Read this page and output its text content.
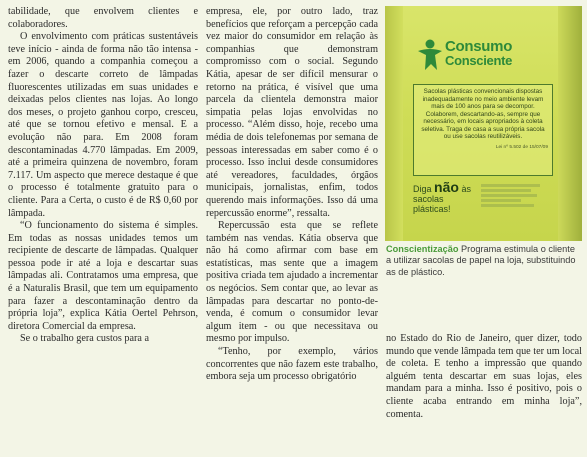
tabilidade, que envolvem clientes e colaboradores.

O envolvimento com práticas sustentáveis teve início - ainda de forma não tão intensa - em 2006, quando a companhia começou a fazer o descarte correto de lâmpadas fluorescentes utilizadas em suas unidades e deixadas pelos clientes nas lojas. Ao longo dos meses, o projeto ganhou corpo, cresceu, até que se tornou efetivo e mensal. E a evolução não para. Em 2008 foram descontaminadas 4.770 lâmpadas. Em 2009, até a primeira quinzena de novembro, foram 7.117. Um aspecto que merece destaque é que o processo é totalmente gratuito para o cliente. Para a Certa, o custo é de R$ 0,60 por lâmpada.

“O funcionamento do sistema é simples. Em todas as nossas unidades temos um recipiente de descarte de lâmpadas. Qualquer pessoa pode ir até a loja e descartar suas lâmpadas ali. Contratamos uma empresa, que é a Naturalis Brasil, que tem um equipamento para fazer a descontaminação dentro da própria loja”, explica Kátia Oertel Pehrson, diretora Comercial da empresa.

Se o trabalho gera custos para a

empresa, ele, por outro lado, traz benefícios que reforçam a percepção cada vez maior do consumidor em relação às companhias que demonstram compromisso com o social. Segundo Kátia, apesar de ser difícil mensurar o retorno na prática, é visível que uma parcela da clientela demonstra maior simpatia pelas lojas envolvidas no processo. “Além disso, hoje, recebo uma média de dois telefonemas por semana de pessoas interessadas em saber como é o processo. Isso inclui desde consumidores até vereadores, faculdades, órgãos municipais, jornalistas, enfim, todos querendo mais informações. Isso dá uma repercussão enorme”, ressalta.

Repercussão esta que se reflete também nas vendas. Kátia observa que não há como afirmar com base em estatísticas, mas sente que a imagem positiva criada tem ajudado a incrementar os negócios. Sem contar que, ao levar as lâmpadas para descartar no ponto-de-venda, é comum o consumidor levar algum item - ou que necessitava ou mesmo por impulso.

“Tenho, por exemplo, vários concorrentes que não fazem este trabalho, embora seja um processo obrigatório

Consumo
Consciente
Sacolas plásticas convencionais dispostas inadequadamente no meio ambiente levam mais de 100 anos para se decompor. Colaborem, descartando-as, sempre que necessário, em locais apropriados à coleta seletiva. Traga de casa a sua própria sacola ou use sacolas reutilizáveis.
Lei nº 5.502 de 15/07/09
Diga não às sacolas plásticas!
Conscientização Programa estimula o cliente a utilizar sacolas de papel na loja, substituindo as de plástico.

no Estado do Rio de Janeiro, quer dizer, todo mundo que vende lâmpada tem que ter um local de coleta. E tenho a impressão que quando alguém tenta descartar em suas lojas, eles mandam para a minha. Isso é positivo, pois o cliente acaba entrando em minha loja”, comenta.
